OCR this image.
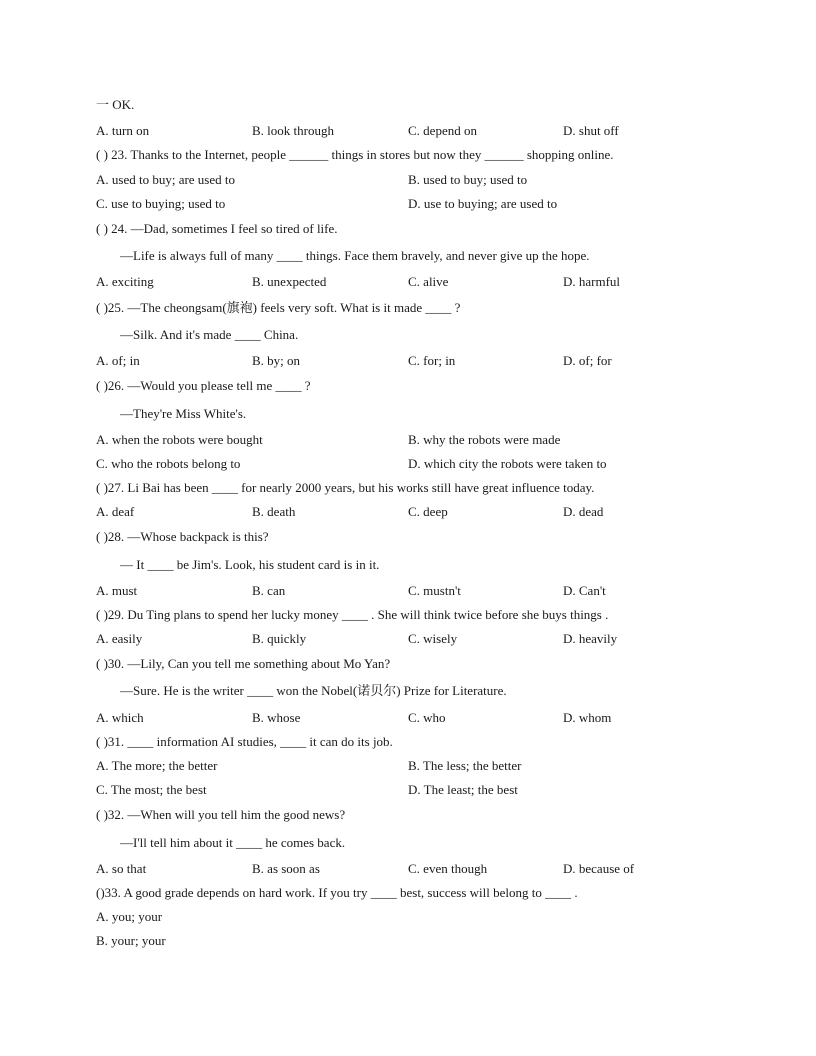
一 OK.
A. turn on	B. look through	C. depend on	D. shut off
( ) 23. Thanks to the Internet, people ______ things in stores but now they ______ shopping online.
A. used to buy; are used to	B. used to buy; used to
C. use to buying; used to	D. use to buying; are used to
( ) 24. —Dad, sometimes I feel so tired of life.
—Life is always full of many ____ things. Face them bravely, and never give up the hope.
A. exciting	B. unexpected	C. alive	D. harmful
( )25. —The cheongsam(旗袍) feels very soft. What is it made ____ ?
—Silk. And it's made ____ China.
A. of; in	B. by; on	C. for; in	D. of; for
( )26. —Would you please tell me ____ ?
—They're Miss White's.
A. when the robots were bought	B. why the robots were made
C. who the robots belong to	D. which city the robots were taken to
( )27. Li Bai has been ____ for nearly 2000 years, but his works still have great influence today.
A. deaf	B. death	C. deep	D. dead
( )28. —Whose backpack is this?
— It ____ be Jim's. Look, his student card is in it.
A. must	B. can	C. mustn't	D. Can't
( )29. Du Ting plans to spend her lucky money ____ . She will think twice before she buys things .
A. easily	B. quickly	C. wisely	D. heavily
( )30. —Lily, Can you tell me something about Mo Yan?
—Sure. He is the writer ____ won the Nobel(诺贝尔) Prize for Literature.
A. which	B. whose	C. who	D. whom
( )31. ____ information AI studies, ____ it can do its job.
A. The more; the better	B. The less; the better
C. The most; the best	D. The least; the best
( )32. —When will you tell him the good news?
—I'll tell him about it ____ he comes back.
A. so that	B. as soon as	C. even though	D. because of
()33. A good grade depends on hard work. If you try ____ best, success will belong to ____ .
A. you; your
B. your; your
